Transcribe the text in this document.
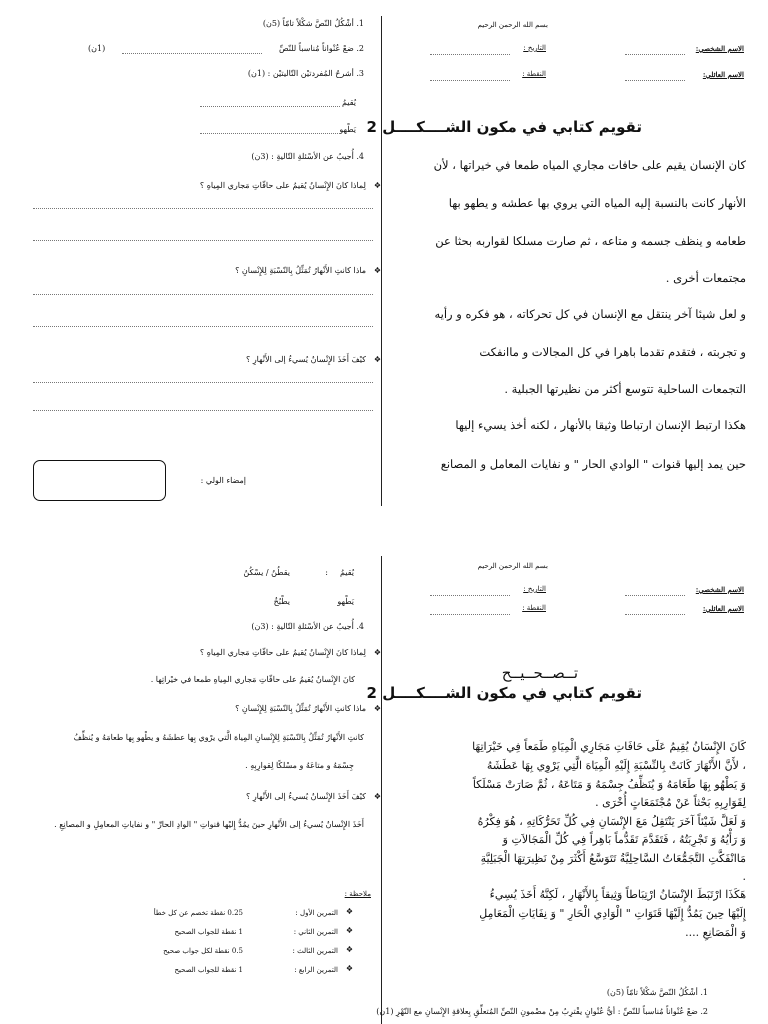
بسم الله الرحمن الرحيم
الاسم الشخصي:
التاريخ :
الاسم العائلي:
النقطة :
تقويم كتابي في مكون الشــــكــــل 2
كان الإنسان يقيم على حافات مجاري المياه طمعا في خيراتها ، لأن
الأنهار كانت بالنسبة إليه المياه التي يروي بها عطشه و يطهو بها
طعامه و ينظف جسمه و متاعه ، ثم صارت مسلكا لقواربه بحثا عن
مجتمعات أخرى .
و لعل شيئا آخر ينتقل مع الإنسان في كل تحركاته ، هو فكره و رأيه
و تجربته ، فتقدم تقدما باهرا في كل المجالات و ماانفكت
التجمعات الساحلية تتوسع أكثر من نظيرتها الجبلية .
هكذا ارتبط الإنسان ارتباطا وثيقا بالأنهار ، لكنه أخذ يسيء إليها
حين يمد إليها قنوات " الوادي الحار " و نفايات المعامل و المصانع
1. أشْكُلُ النّصَّ شكْلاً تامّاً (5ن)
2. ضعْ عُنْواناً مُناسباً للنّصِّ
(1ن)
3. أشرحُ المُفردتيْن التّاليتيْن : (1ن)
يُقيمُ
يَطْهو
4. أُجيبُ عن الأسْئلةِ التّاليةِ : (3ن)
❖
لِماذا كانَ الإِنْسانُ يُقيمُ على حافّاتِ مَجاري المِياهِ ؟
❖
ماذا كانتِ الأَنْهارُ تُمَثِّلُ بِالنّسْبَةِ لِلإِنْسانِ ؟
❖
كيْفَ أَخَذَ الإِنْسانُ يُسيءُ إلى الأَنْهارِ ؟
إمضاء الولي :
بسم الله الرحمن الرحيم
الاسم الشخصي:
التاريخ :
الاسم العائلي:
النقطة :
تــصــحــيــح
تقويم كتابي في مكون الشــــكــــل 2
كَانَ الإِنْسَانُ يُقِيمُ عَلَى حَافَاتِ مَجَارِي الْمِيَاهِ طَمَعاً فِي خَيْرَاتِهَا
، لأَنَّ الأَنْهَارَ كَانَتْ بِالنِّسْبَةِ إِلَيْهِ الْمِيَاهَ الَّتِي يَرْوِي بِهَا عَطَشَهُ
وَ يَطْهُو بِهَا طَعَامَهُ وَ يُنَظِّفُ جِسْمَهُ وَ مَتَاعَهُ ، ثُمَّ صَارَتْ مَسْلَكاً
لِقَوَارِبِهِ بَحْثاً عَنْ مُجْتَمَعَاتٍ أُخْرَى .
وَ لَعَلَّ شَيْئاً آخَرَ يَنْتَقِلُ مَعَ الإِنْسَانِ فِي كُلِّ تَحَرُّكَاتِهِ ، هُوَ فِكْرُهُ
وَ رَأْيُهُ وَ تَجْرِبَتُهُ ، فَتَقَدَّمَ تَقَدُّماً بَاهِراً فِي كُلِّ الْمَجَالاَتِ وَ
مَاانْفَكَّتِ التَّجَمُّعَاتُ السَّاحِلِيَّةُ تَتَوَسَّعُ أَكْثَرَ مِنْ نَظِيرَتِهَا الْجَبَلِيَّةِ
.
هَكَذَا ارْتَبَطَ الإِنْسَانُ ارْتِبَاطاً وَثِيقاً بِالأَنْهَارِ ، لَكِنَّهُ أَخَذَ يُسِيءُ
إِلَيْهَا حِينَ يَمُدُّ إِلَيْهَا قَنَوَاتِ " الْوَادِي الْحَارِ " وَ نِفَايَاتِ الْمَعَامِلِ
وَ الْمَصَانِعِ ....
1. أشْكُلُ النّصَّ شكْلاً تامّاً (5ن)
2. ضعْ عُنْواناً مُناسباً للنّصِّ : أيُّ عُنْوانٍ يقْترِبُ مِنْ مضْمونِ النّصِّ المُتعلِّقِ بِعلاقةِ الإِنْسانِ مع النّهْرِ (1ن)
يُقيمُ
:
يقطُنُ / يسْكُنُ
يَطْهو
يطْبُخُ
4. أُجيبُ عن الأسْئلةِ التّاليةِ : (3ن)
❖
لِماذا كانَ الإِنْسانُ يُقيمُ على حافّاتِ مَجاري المِياهِ ؟
كانَ الإِنْسانُ يُقيمُ على حافّاتِ مَجاري المِياهِ طمعا في خيْراتِها .
❖
ماذا كانتِ الأَنْهارُ تُمَثِّلُ بِالنّسْبَةِ لِلإِنْسانِ ؟
كانتِ الأَنْهارُ تُمَثِّلُ بِالنّسْبَةِ لِلإِنْسانِ المِياهَ الَّتي يرْوي بِها عطشَهُ و يطْهو بِها طعامَهُ و يُنظِّفُ
جِسْمَهُ و متاعَهُ و مسْلكًا لِقوارِبِهِ .
❖
كيْفَ أَخَذَ الإِنْسانُ يُسيءُ إلى الأَنْهارِ ؟
أَخَذَ الإِنْسانُ يُسيءُ إلى الأَنْهارِ حينَ يمُدُّ إِليْها قنواتِ " الوادِ الحارِّ " و نفاياتِ المعامِلِ و المصانِعِ .
ملاحظة :
❖
التمرين الأول :
0.25 نقطة تخصم عن كل خطأ
❖
التمرين الثاني :
1 نقطة للجواب الصحيح
❖
التمرين الثالث :
0.5 نقطة لكل جواب صحيح
❖
التمرين الرابع :
1 نقطة للجواب الصحيح
